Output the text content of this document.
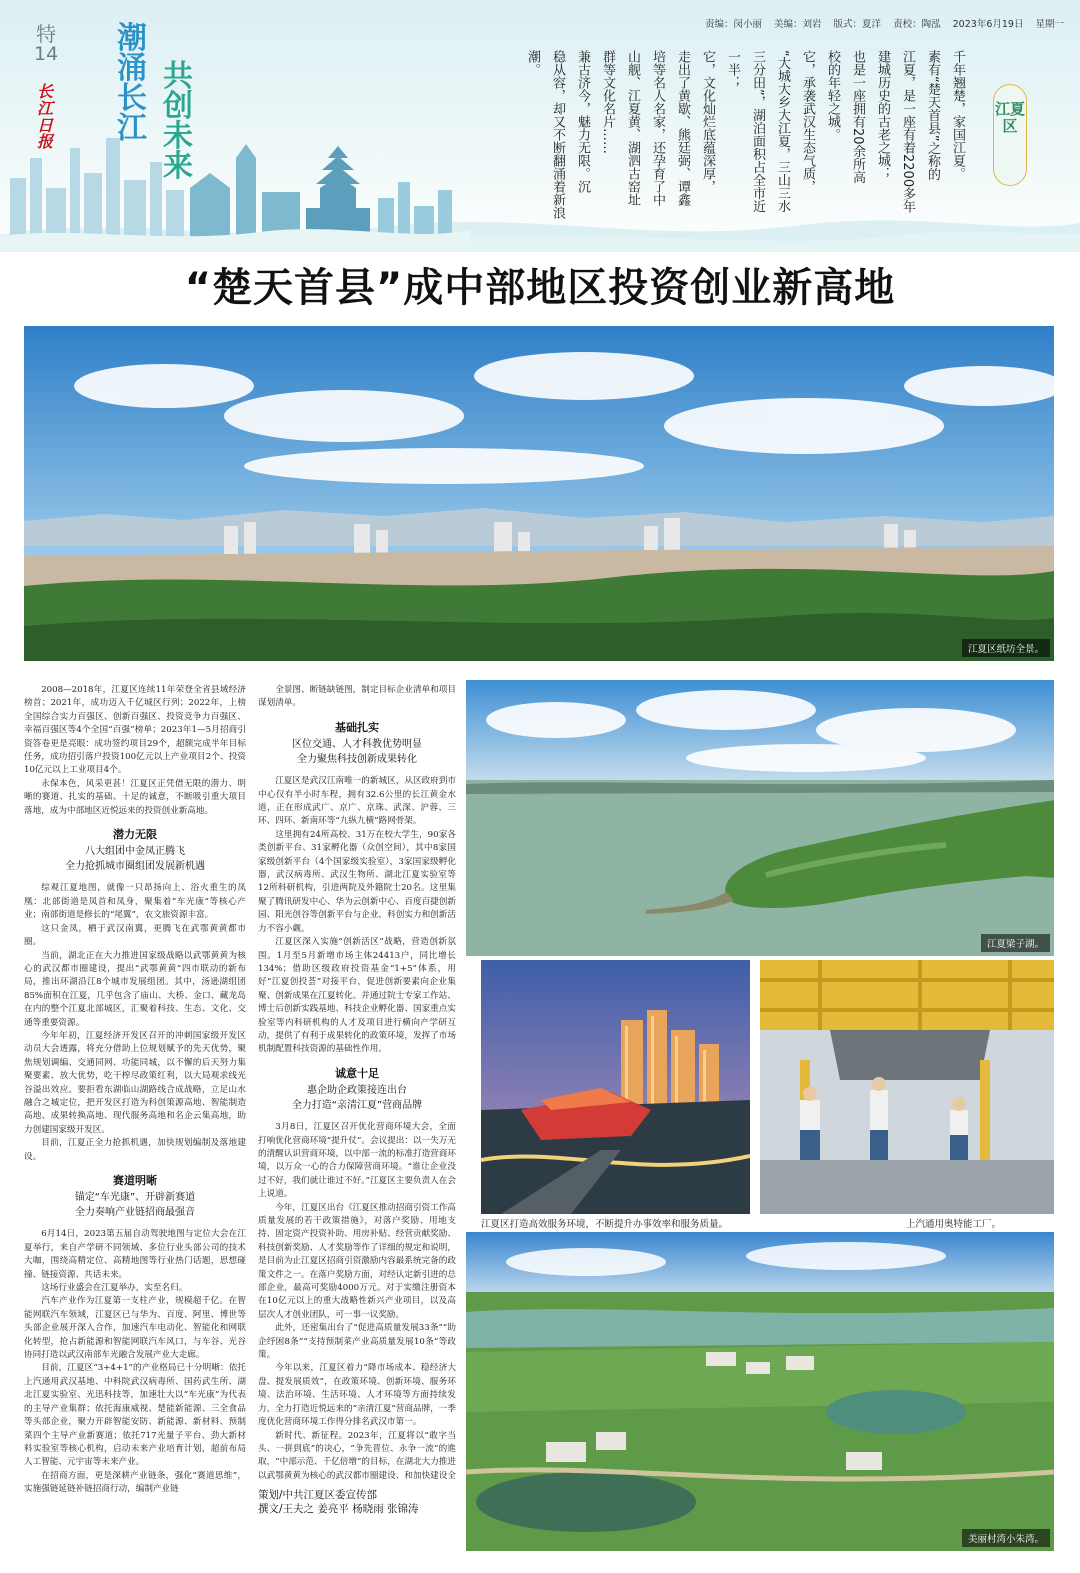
责编：闵小丽 美编：刘岩 版式：夏洋 责校：陶泓 2023年6月19日 星期一
特
14
长江日报
潮涌长江
共创未来
江夏区
千年翘楚，家国江夏。
素有“楚天首县”之称的
江夏，是一座有着2200多年
建城历史的古老之城；
也是一座拥有20余所高
校的年轻之城。
它，承袭武汉生态气质，
“大城大乡大江夏，三山三水
三分田”，湖泊面积占全市近
一半；
它，文化灿烂底蕴深厚，
走出了黄歇、熊廷弼、谭鑫
培等名人名家，还孕育了中
山舰、江夏黄、湖泗古窑址
群等文化名片……
兼古济今，魅力无限。沉
稳从容，却又不断翻涌着新浪
潮。
“楚天首县”成中部地区投资创业新高地
江夏区纸坊全景。
江夏梁子湖。
江夏区打造高效服务环境，不断提升办事效率和服务质量。	上汽通用奥特能工厂。
美丽村湾小朱湾。

2008—2018年，江夏区连续11年荣登全省县域经济榜首；2021年，成功迈入千亿城区行列；2022年，上榜全国综合实力百强区、创新百强区、投资竞争力百强区、幸福百强区等4个全国“百强”榜单；2023年1—5月招商引资答卷更是亮眼：成功签约项目29个，超额完成半年目标任务，成功招引落户投资100亿元以上产业项目2个、投资10亿元以上工业项目4个。

永保本色，风采更甚！江夏区正凭借无限的潜力、明晰的赛道、扎实的基础、十足的诚意，不断吸引重大项目落地，成为中部地区近悦远来的投资创业新高地。

潜力无限
八大组团中金凤正腾飞
全力抢抓城市圈组团发展新机遇

综观江夏地图，就像一只昂扬向上、浴火重生的凤凰：北部街道是凤首和凤身，聚集着“车光康”等核心产业；南部街道是修长的“尾翼”，农文旅资源丰富。

这只金凤，栖于武汉南翼，更腾飞在武鄂黄黄都市圈。

当前，湖北正在大力推进国家级战略以武鄂黄黄为核心的武汉都市圈建设，提出“武鄂黄黄”四市联动的新布局，推出环湖沿江8个城市发展组团。其中，汤逊湖组团85%面积在江夏，几乎包含了庙山、大桥、金口、藏龙岛在内的整个江夏北部城区，汇聚着科技、生态、文化、交通等重要资源。

今年年初，江夏经济开发区召开的冲刺国家级开发区动员大会透露，将充分借助上位规划赋予的先天优势，聚焦规划调编、交通同网、功能同城，以不懈的后天努力集聚要素、放大优势，吃干榨尽政策红利，以大局观求线光谷溢出效应。要拒看东湖临山湖路线合成战略，立足山水融合之城定位，把开发区打造为科创策源高地、智能制造高地、成果转换高地、现代服务高地和名企云集高地，助力创建国家级开发区。

目前，江夏正全力抢抓机遇，加快规划编制及落地建设。

赛道明晰
锚定“车光康”、开辟新赛道
全力奏响产业链招商最强音

6月14日，2023第五届自动驾驶地图与定位大会在江夏举行，来自产学研不同领域、多位行业头部公司的技术大咖，围绕高精定位、高精地图等行业热门话题，思想碰撞、链接资源、共话未来。

这场行业盛会在江夏举办，实至名归。

汽车产业作为江夏第一支柱产业，规模超千亿。在智能网联汽车领域，江夏区已与华为、百度、阿里、博世等头部企业展开深入合作，加速汽车电动化、智能化和网联化转型，抢占新能源和智能网联汽车风口，与车谷、光谷协同打造以武汉南部车光融合发展产业大走廊。

目前，江夏区“3+4+1”的产业格局已十分明晰：依托上汽通用武汉基地、中科院武汉病毒所、国药武生所、湖北江夏实验室、光迅科技等，加速壮大以“车光康”为代表的主导产业集群；依托海康威视、楚能新能源、三全食品等头部企业，聚力开辟智能安防、新能源、新材料、预制菜四个主导产业新赛道；依托717光量子平台、劲大新材料实验室等核心机构，启动未来产业培育计划，超前布局人工智能、元宇宙等未来产业。

在招商方面，更是深耕产业链条，强化“赛道思维”，实施强链延链补链招商行动，编制产业链

全景图、断链缺链图，制定目标企业清单和项目谋划清单。

基础扎实
区位交通、人才科教优势明显
全力聚焦科技创新成果转化

江夏区是武汉江南唯一的新城区，从区政府到市中心仅有半小时车程，拥有32.6公里的长江黄金水道，正在形成武广、京广、京珠、武深、沪蓉、三环、四环、新南环等“九纵九横”路网骨架。

这里拥有24所高校、31万在校大学生，90家各类创新平台、31家孵化器（众创空间），其中8家国家级创新平台（4个国家级实验室），3家国家级孵化器，武汉病毒所、武汉生物所、湖北江夏实验室等12所科研机构，引进两院及外籍院士20名。这里集聚了腾讯研发中心、华为云创新中心、百度百捷创新园、阳光创谷等创新平台与企业，科创实力和创新活力不容小觑。

江夏区深入实施“创新活区”战略，营造创新氛围。1月至5月新增市场主体24413户，同比增长134%；借助区级政府投资基金“1+5”体系，用好“江夏创投荟”对接平台，促进创新要素向企业集聚、创新成果在江夏转化。并通过院士专家工作站、博士后创新实践基地、科技企业孵化器、国家重点实验室等内科研机构的人才及项目进行横向产学研互动，提供了有利于成果转化的政策环境，发挥了市场机制配置科技资源的基础性作用。

诚意十足
惠企助企政策接连出台
全力打造“亲清江夏”营商品牌

3月8日，江夏区召开优化营商环境大会，全面打响优化营商环境“提升仗”。会议提出：以一失万无的清醒认识营商环境，以中部一流的标准打造营商环境，以万众一心的合力保障营商环境。“谁让企业没过不好，我们就让谁过不好。”江夏区主要负责人在会上说道。

今年，江夏区出台《江夏区推动招商引资工作高质量发展的若干政策措施》，对落户奖励、用地支持、固定资产投资补助、用房补贴、经营贡献奖励、科技创新奖励、人才奖励等作了详细的规定和说明，是目前为止江夏区招商引资激励内容最系统完备的政策文件之一。在落户奖励方面，对经认定新引进的总部企业，最高可奖励4000万元。对于实缴注册资本在10亿元以上的重大战略性新兴产业项目，以及高层次人才创业团队，可一事一议奖励。

此外，还密集出台了“促进高质量发展33条”“助企纾困8条”“支持预制菜产业高质量发展10条”等政策。

今年以来，江夏区着力“降市场成本、稳经济大盘、提发展质效”，在政策环境、创新环境、服务环境、法治环境、生活环境、人才环境等方面持续发力，全力打造近悦远来的“亲清江夏”营商品牌，一季度优化营商环境工作得分排名武汉市第一。

新时代、新征程。2023年，江夏将以“敢字当头、一拼到底”的决心，“争先晋位、永争一流”的進取，“中部示范、千亿倍增”的目标，在湖北大力推进以武鄂黄黄为核心的武汉都市圈建设、和加快建设全

策划/中共江夏区委宣传部
撰文/王夫之 姜亮平 杨晓雨 张锦涛
